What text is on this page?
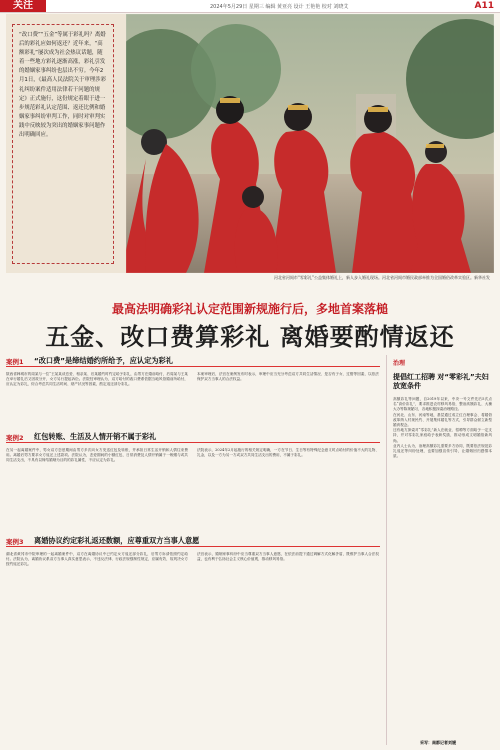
关注	2024年5月29日 星期三 编辑 黄亚亮 设计 王艳艳 校对 刘晓艾	A11
“改口费”“五金”等属于彩礼吗？离婚后的彩礼应如何返还？近年来，“高额彩礼”屡次成为社会热议话题，随着一些地方彩礼逐渐高涨，彩礼引发的婚姻家事纠纷也层出不穷。今年2月1日，《最高人民法院关于审理涉彩礼纠纷案件适用法律若干问题的规定》正式施行，这份规定着眼于进一步规范彩礼认定范围、返还比例和婚姻家事纠纷审判工作，同时对审判实践中反映较为突出的婚姻家事问题作出明确回应。
河北省河间市“零彩礼”公益集体婚礼上，新人步入婚礼现场。河北省河间市婚民政部牵推为全国婚俗改革实验区。新华社发
最高法明确彩礼认定范围新规施行后，多地首案落槌
五金、改口费算彩礼 离婚要酌情返还
案例1 “改口费”是缔结婚约所给予，应认定为彩礼
陕西省韩城市的周某与一位“王某某谈恋爱、相亲某、后某婚约时约定给予彩礼，由男方在婚前给付，后周某与王某在举行婚礼后又因故分开，女方另行提起诉讼。法院经审理认为，双方给付的改口费系依据当地风俗婚前所给付，应认定为彩礼，综合考虑共同生活时间、财产状况等因素，酌定返还部分彩礼。
本案审理后，法官在案例发布时表示，审理中应当充分考虑双方共同生活情况、是否有子女、过错等因素，以依法保护双方当事人的合法权益。
案例2 红包转账、生活及人情开销不属于彩礼
在另一起离婚案件中，男女双方恋爱期间由男方多次向女方发送红包及转账，并承担日常生活开销和人情往来费用。离婚后男方要求女方返还上述款项。法院认为，恋爱期间的小额红包、日常消费及人情开销属于一般赠与或共同生活支出，不具有以缔结婚姻为目的的彩礼属性，不应认定为彩礼。
法院表示，2024年2月起施行的相关规定明确，一方在节日、生日等有特殊纪念意义时点给付的价值不大的礼物、礼金，以及一方为另一方或双方共同生活支出的费用，不属于彩礼。
案例3 离婚协议约定彩礼返还数额，应尊重双方当事人意愿
湖北省黄冈市中院审理的一起离婚案件中，双方在离婚协议中已约定女方返还部分彩礼，后男方诉请依照约定给付。法院认为，离婚协议系双方当事人真实意思表示，不违反法律、行政法规强制性规定，应属有效，故判决女方按约返还彩礼。
法官表示，婚姻家事纠纷中应当尊重双方当事人意愿，在依法前提下通过调解方式化解矛盾，既维护当事人合法权益，也有利于弘扬社会主义核心价值观，推动移风易俗。
治理
提倡红工招聘 对“零彩礼”夫妇放宽条件
高额彩礼等问题，自2019年以来，中央一号文件先后5次点名“高价彩礼”，要求推进农村移风易俗，整治高额彩礼、大操大办等陈规陋习，各地积极探索治理路径。
在河北、山东、河南等地，基层通过成立红白理事会、将婚俗改革纳入村规民约、开展集体婚礼等方式，引导群众树立新型婚育观念。
还有地方探索对“零彩礼”新人在就业、招聘等方面给予一定支持，并对零彩礼家庭给予表彰奖励，推动形成文明婚俗新风尚。
业内人士认为，治理高额彩礼需要多方协同，既要依法规范彩礼返还等纠纷处理，也要加强宣传引导，让婚姻回归感情本质。
采写：南都记者刘媛
